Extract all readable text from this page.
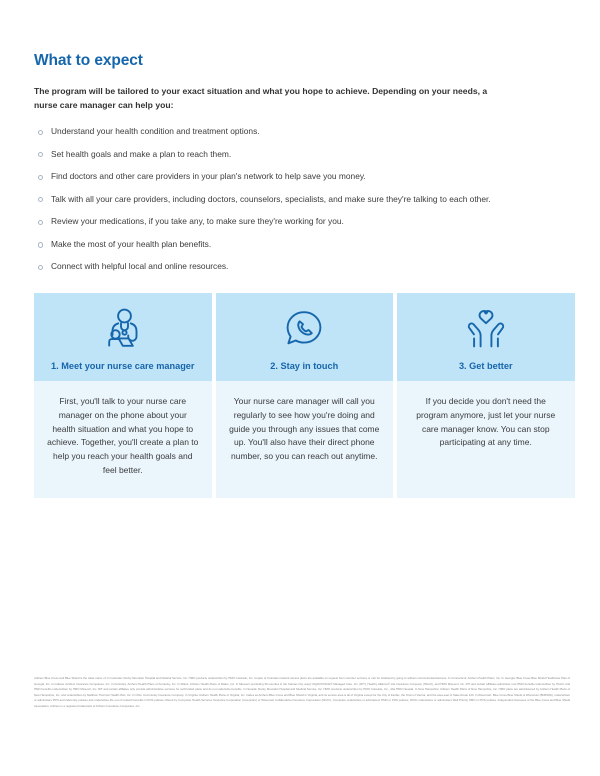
What to expect

The program will be tailored to your exact situation and what you hope to achieve. Depending on your needs, a nurse care manager can help you:

Understand your health condition and treatment options.
Set health goals and make a plan to reach them.
Find doctors and other care providers in your plan's network to help save you money.
Talk with all your care providers, including doctors, counselors, specialists, and make sure they're talking to each other.
Review your medications, if you take any, to make sure they're working for you.
Make the most of your health plan benefits.
Connect with helpful local and online resources.
1. Meet your nurse care manager
First, you'll talk to your nurse care manager on the phone about your health situation and what you hope to achieve. Together, you'll create a plan to help you reach your health goals and feel better.
2. Stay in touch
Your nurse care manager will call you regularly to see how you're doing and guide you through any issues that come up. You'll also have their direct phone number, so you can reach out anytime.
3. Get better
If you decide you don't need the program anymore, just let your nurse care manager know. You can stop participating at any time.

Anthem Blue Cross and Blue Shield is the trade name of: In Colorado: Rocky Mountain Hospital and Medical Service, Inc. HMO products underwritten by HMO Colorado, Inc. Copies of Colorado network access plans are available on request from member services or can be obtained by going to anthem.com/co/networkaccess. In Connecticut: Anthem Health Plans, Inc. In Georgia: Blue Cross Blue Shield Healthcare Plan of Georgia, Inc. In Indiana: Anthem Insurance Companies, Inc. In Kentucky: Anthem Health Plans of Kentucky, Inc. In Maine: Anthem Health Plans of Maine, Inc. In Missouri (excluding 30 counties in the Kansas City area): RightCHOICE® Managed Care, Inc. (RIT), Healthy Alliance® Life Insurance Company (HALIC), and HMO Missouri, Inc. RIT and certain affiliates administer non-HMO benefits underwritten by HALIC and HMO benefits underwritten by HMO Missouri, Inc. RIT and certain affiliates only provide administrative services for self-funded plans and do not underwrite benefits. In Nevada: Rocky Mountain Hospital and Medical Service, Inc. HMO products underwritten by HMO Colorado, Inc., dba HMO Nevada. In New Hampshire: Anthem Health Plans of New Hampshire, Inc. HMO plans are administered by Anthem Health Plans of New Hampshire, Inc. and underwritten by Matthew Thornton Health Plan, Inc. In Ohio: Community Insurance Company. In Virginia: Anthem Health Plans of Virginia, Inc. trades as Anthem Blue Cross and Blue Shield in Virginia, and its service area is all of Virginia except for the City of Fairfax, the Town of Vienna, and the area east of State Route 123. In Wisconsin: Blue Cross Blue Shield of Wisconsin (BCBSWI), underwritten or administers PPO and indemnity policies and underwrites the out of network benefits in POS policies offered by Compcare Health Services Insurance Corporation (Compcare) or Wisconsin Collaborative Insurance Corporation (WCIC); Compcare underwrites or administers HMO or POS policies; WCIC underwrites or administers Well Priority HMO or POS policies. Independent licensees of the Blue Cross and Blue Shield Association. Anthem is a registered trademark of Anthem Insurance Companies, Inc.
